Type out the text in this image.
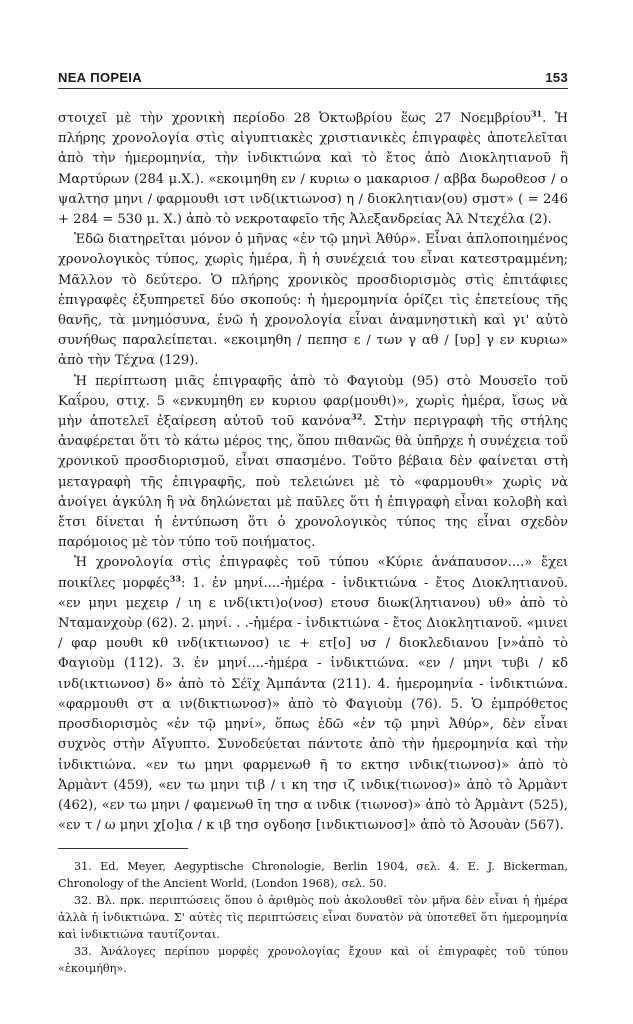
ΝΕΑ ΠΟΡΕΙΑ	153

στοιχεῖ μὲ τὴν χρονικὴ περίοδο 28 Ὀκτωβρίου ἕως 27 Νοεμβρίου$^{31}$. Ἡ πλήρης χρονολογία στὶς αἰγυπτιακὲς χριστιανικὲς ἐπιγραφὲς ἀποτελεῖται ἀπὸ τὴν ἡμερομηνία, τὴν ἰνδικτιώνα καὶ τὸ ἔτος ἀπὸ Διοκλητιανοῦ ἢ Μαρτύρων (284 μ.Χ.). «εκοιμηθη εν / κυριω ο μακαριοσ / αββα δωροθεοσ / ο ψαλτησ μηνι / φαρμουθι ιστ ινδ(ικτιωνοσ) η / διοκλητιαν(ου) σμστ» ( = 246 + 284 = 530 μ. Χ.) ἀπὸ τὸ νεκροταφεῖο τῆς Ἀλεξανδρείας Ἀλ Ντεχέλα (2).

Ἐδῶ διατηρεῖται μόνον ὁ μῆνας «ἐν τῷ μηνὶ Ἀθύρ». Εἶναι ἁπλοποιημένος χρονολογικὸς τύπος, χωρὶς ἡμέρα, ἢ ἡ συνέχειά του εἶναι κατεστραμμένη; Μᾶλλον τὸ δεύτερο. Ὁ πλήρης χρονικὸς προσδιορισμὸς στὶς ἐπιτάφιες ἐπιγραφὲς ἐξυπηρετεῖ δύο σκοπούς: ἡ ἡμερομηνία ὁρίζει τὶς ἐπετείους τῆς θανῆς, τὰ μνημόσυνα, ἐνῶ ἡ χρονολογία εἶναι ἀναμνηστικὴ καὶ γι' αὐτὸ συνήθως παραλείπεται. «εκοιμηθη / πεπησ ε / των γ αθ / [υρ] γ εν κυριω» ἀπὸ τὴν Τέχνα (129).

Ἡ περίπτωση μιᾶς ἐπιγραφῆς ἀπὸ τὸ Φαγιοὺμ (95) στὸ Μουσεῖο τοῦ Καΐρου, στιχ. 5 «ενκυμηθη εν κυριου φαρ(μουθι)», χωρὶς ἡμέρα, ἴσως νὰ μὴν ἀποτελεῖ ἐξαίρεση αὐτοῦ τοῦ κανόνα$^{32}$. Στὴν περιγραφὴ τῆς στήλης ἀναφέρεται ὅτι τὸ κάτω μέρος της, ὅπου πιθανῶς θὰ ὑπῆρχε ἡ συνέχεια τοῦ χρονικοῦ προσδιορισμοῦ, εἶναι σπασμένο. Τοῦτο βέβαια δὲν φαίνεται στὴ μεταγραφὴ τῆς ἐπιγραφῆς, ποὺ τελειώνει μὲ τὸ «φαρμουθι» χωρὶς νὰ ἀνοίγει ἀγκύλη ἢ νὰ δηλώνεται μὲ παῦλες ὅτι ἡ ἐπιγραφὴ εἶναι κολοβὴ καὶ ἔτσι δίνεται ἡ ἐντύπωση ὅτι ὁ χρονολογικὸς τύπος της εἶναι σχεδὸν παρόμοιος μὲ τὸν τύπο τοῦ ποιήματος.

Ἡ χρονολογία στὶς ἐπιγραφὲς τοῦ τύπου «Κύριε ἀνάπαυσον....» ἔχει ποικίλες μορφές$^{33}$: 1. ἐν μηνί....-ἡμέρα - ἰνδικτιώνα - ἔτος Διοκλητιανοῦ. «εν μηνι μεχειρ / ιη ε ινδ(ικτι)ο(νοσ) ετουσ διωκ(λητιανου) υθ» ἀπὸ τὸ Νταμανχοὺρ (62). 2. μηνί. . .-ἡμέρα - ἰνδικτιώνα - ἔτος Διοκλητιανοῦ. «μινει / φαρ μουθι κθ ινδ(ικτιωνοσ) ιε + ετ[ο] υσ / διοκλεδιανου [ν»ἀπὸ τὸ Φαγιοὺμ (112). 3. ἐν μηνί....-ἡμέρα - ἰνδικτιώνα. «εν / μηνι τυβι / κδ ινδ(ικτιωνοσ) δ» ἀπὸ τὸ Σέϊχ Ἀμπάντα (211). 4. ἡμερομηνία - ἰνδικτιώνα. «φαρμουθι στ α ιν(δικτιωνοσ)» ἀπὸ τὸ Φαγιοὺμ (76). 5. Ὁ ἐμπρόθετος προσδιορισμὸς «ἐν τῷ μηνί», ὅπως ἐδῶ «ἐν τῷ μηνὶ Ἀθύρ», δὲν εἶναι συχνὸς στὴν Αἴγυπτο. Συνοδεύεται πάντοτε ἀπὸ τὴν ἡμερομηνία καὶ τὴν ἰνδικτιώνα. «εν τω μηνι φαρμενωθ ῆ το εκτησ ινδικ(τιωνοσ)» ἀπὸ τὸ Ἁρμὰντ (459), «εν τω μηνι τιβ / ι κη τησ ιζ ινδικ(τιωνοσ)» ἀπὸ τὸ Ἁρμὰντ (462), «εν τω μηνι / φαμενωθ ῑη τησ α ινδικ (τιωνοσ)» ἀπὸ τὸ Ἁρμὰντ (525), «εν τ / ω μηνι χ[ο]ια / κ ιβ τησ ογδοησ [ινδικτιωνοσ]» ἀπὸ τὸ Ἀσουὰν (567).

31. Ed. Meyer, Aegyptische Chronologie, Berlin 1904, σελ. 4. E. J. Bickerman, Chronology of the Ancient World, (London 1968), σελ. 50.

32. Βλ. πρκ. περιπτώσεις ὅπου ὁ ἀριθμὸς ποὺ ἀκολουθεῖ τὸν μῆνα δὲν εἶναι ἡ ἡμέρα ἀλλὰ ἡ ἰνδικτιώνα. Σ' αὐτὲς τὶς περιπτώσεις εἶναι δυνατὸν νὰ ὑποτεθεῖ ὅτι ἡμερομηνία καὶ ἰνδικτιώνα ταυτίζονται.

33. Ἀνάλογες περίπου μορφὲς χρονολογίας ἔχουν καὶ οἱ ἐπιγραφὲς τοῦ τύπου «ἐκοιμήθη».
